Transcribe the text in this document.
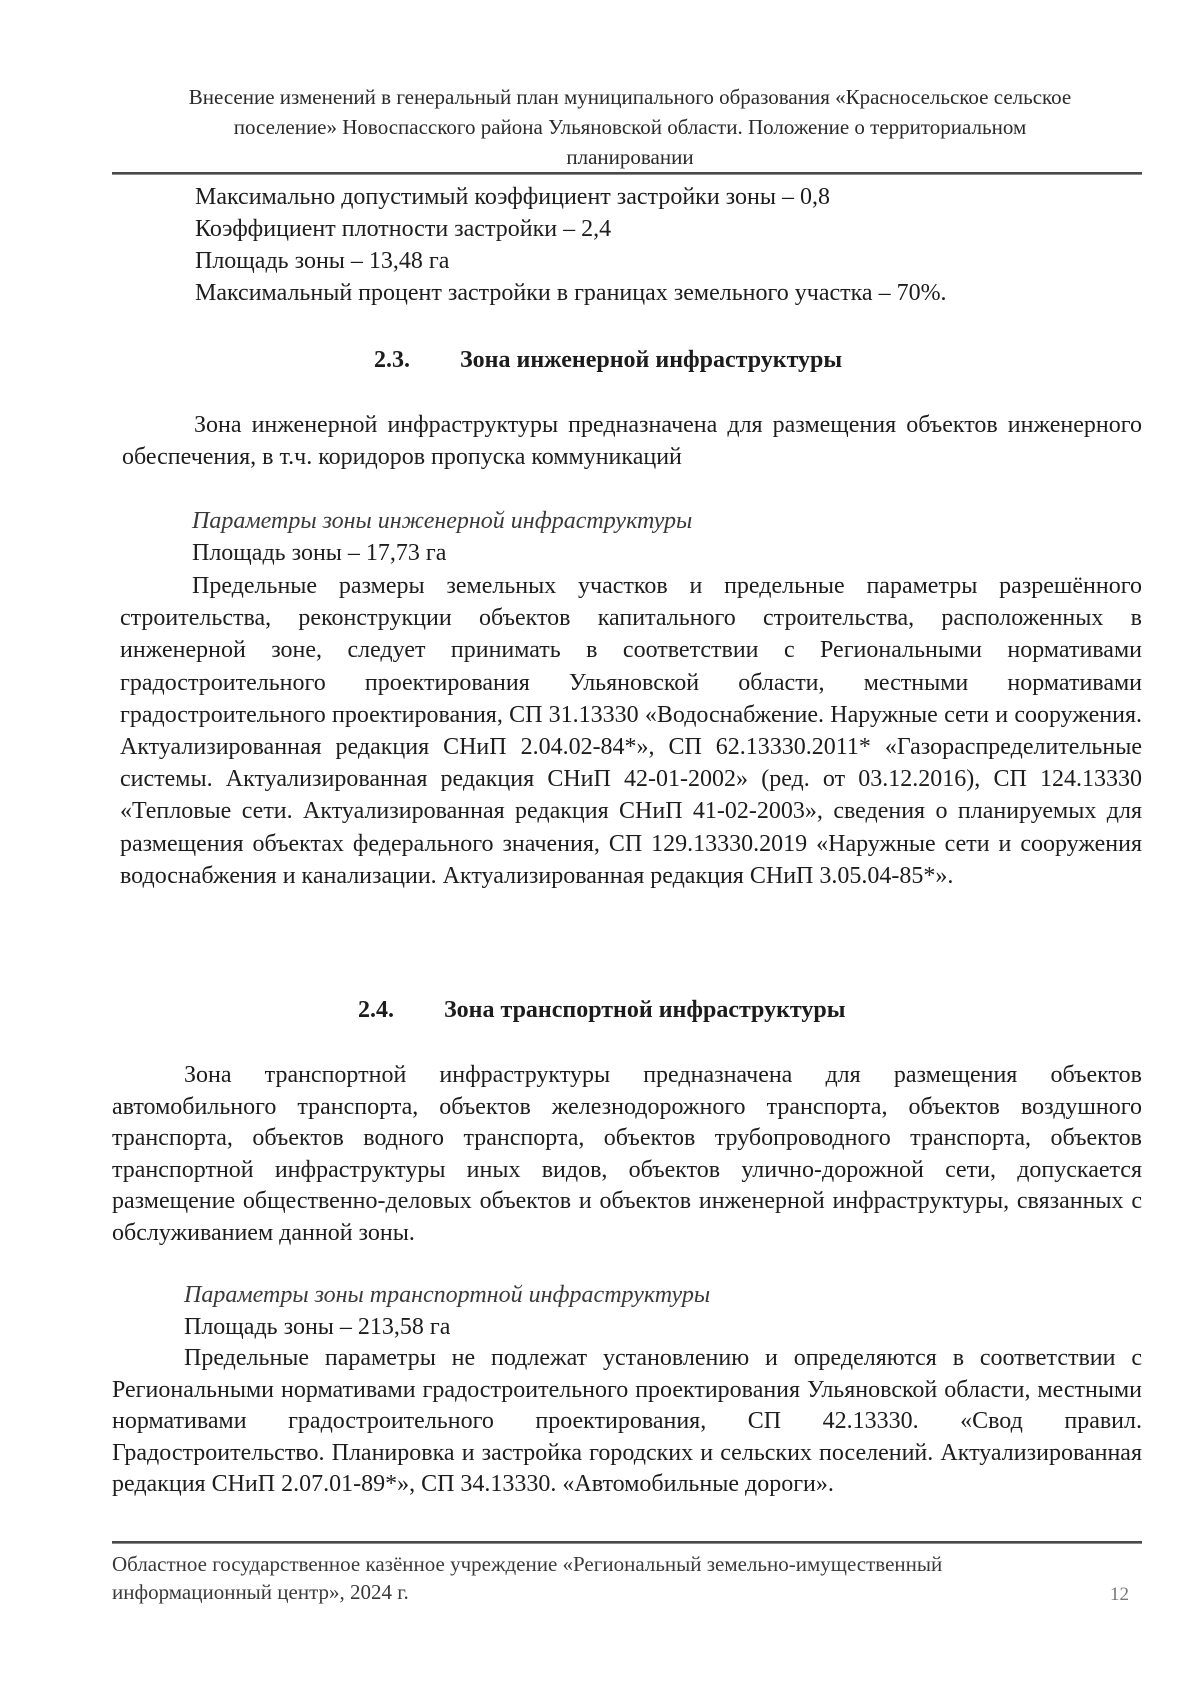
Внесение изменений в генеральный план муниципального образования «Красносельское сельское
поселение» Новоспасского района Ульяновской области. Положение о территориальном
планировании
Максимально допустимый коэффициент застройки зоны – 0,8
Коэффициент плотности застройки – 2,4
Площадь зоны – 13,48 га
Максимальный процент застройки в границах земельного участка – 70%.
2.3. Зона инженерной инфраструктуры

Зона инженерной инфраструктуры предназначена для размещения объектов инженерного обеспечения, в т.ч. коридоров пропуска коммуникаций

Параметры зоны инженерной инфраструктуры
Площадь зоны – 17,73 га

Предельные размеры земельных участков и предельные параметры разрешённого строительства, реконструкции объектов капитального строительства, расположенных в инженерной зоне, следует принимать в соответствии с Региональными нормативами градостроительного проектирования Ульяновской области, местными нормативами градостроительного проектирования, СП 31.13330 «Водоснабжение. Наружные сети и сооружения. Актуализированная редакция СНиП 2.04.02-84*», СП 62.13330.2011* «Газораспределительные системы. Актуализированная редакция СНиП 42-01-2002» (ред. от 03.12.2016), СП 124.13330 «Тепловые сети. Актуализированная редакция СНиП 41-02-2003», сведения о планируемых для размещения объектах федерального значения, СП 129.13330.2019 «Наружные сети и сооружения водоснабжения и канализации. Актуализированная редакция СНиП 3.05.04-85*».

2.4. Зона транспортной инфраструктуры

Зона транспортной инфраструктуры предназначена для размещения объектов автомобильного транспорта, объектов железнодорожного транспорта, объектов воздушного транспорта, объектов водного транспорта, объектов трубопроводного транспорта, объектов транспортной инфраструктуры иных видов, объектов улично-дорожной сети, допускается размещение общественно-деловых объектов и объектов инженерной инфраструктуры, связанных с обслуживанием данной зоны.

Параметры зоны транспортной инфраструктуры
Площадь зоны – 213,58 га

Предельные параметры не подлежат установлению и определяются в соответствии с Региональными нормативами градостроительного проектирования Ульяновской области, местными нормативами градостроительного проектирования, СП 42.13330. «Свод правил. Градостроительство. Планировка и застройка городских и сельских поселений. Актуализированная редакция СНиП 2.07.01-89*», СП 34.13330. «Автомобильные дороги».

Областное государственное казённое учреждение «Региональный земельно-имущественный
информационный центр», 2024 г.	12
